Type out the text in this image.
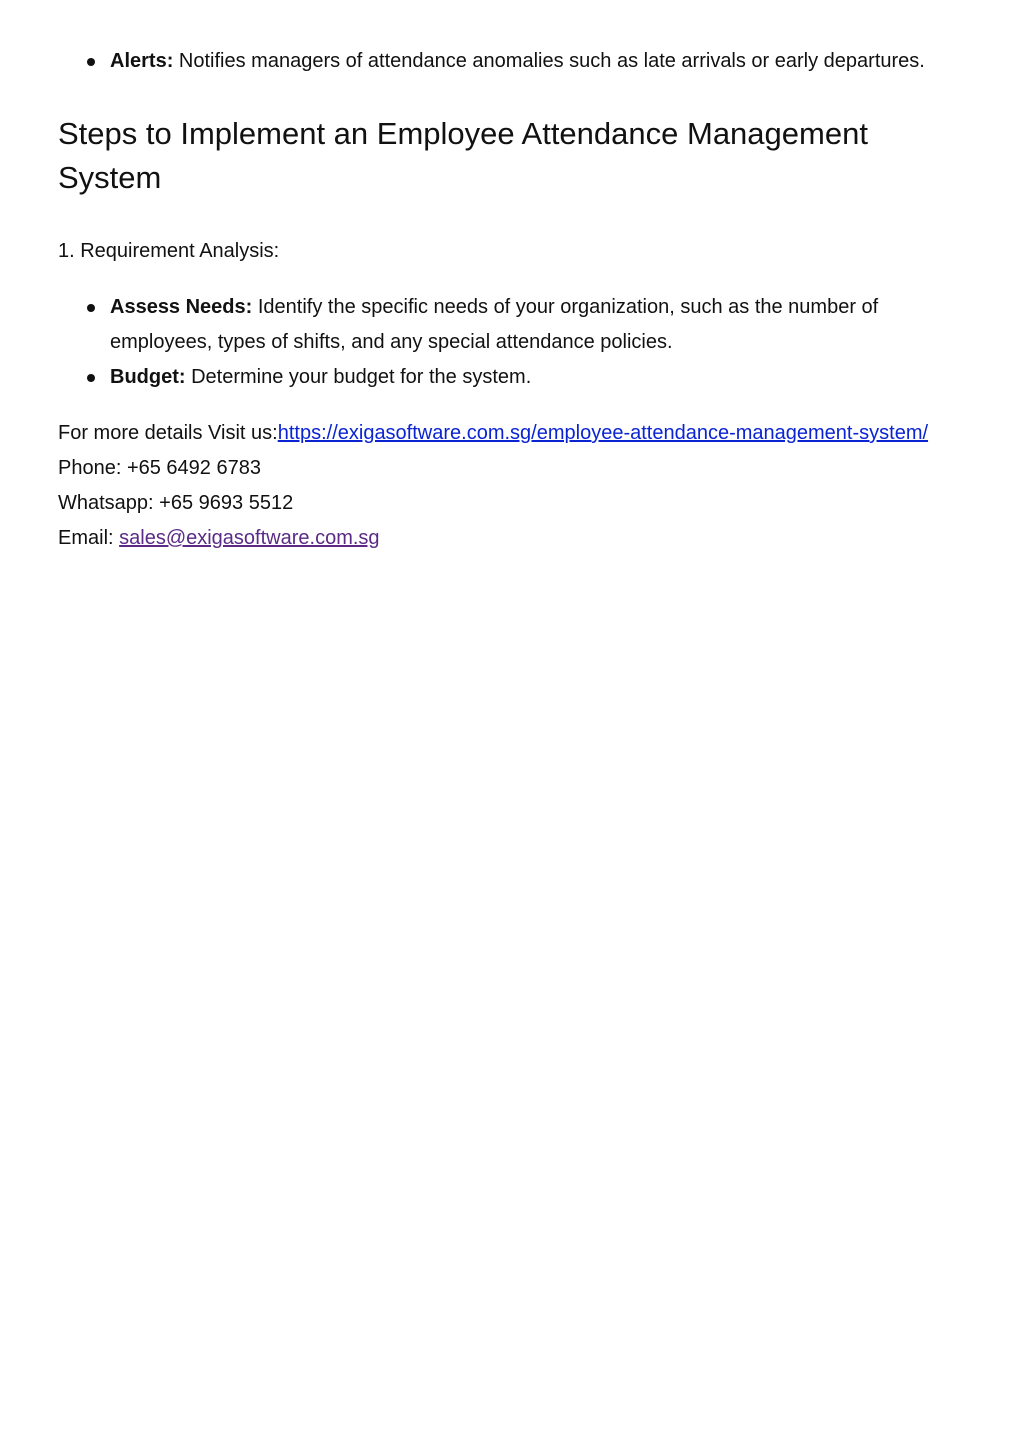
Alerts: Notifies managers of attendance anomalies such as late arrivals or early departures.
Steps to Implement an Employee Attendance Management System

1. Requirement Analysis:

Assess Needs: Identify the specific needs of your organization, such as the number of employees, types of shifts, and any special attendance policies.
Budget: Determine your budget for the system.
For more details Visit us:https://exigasoftware.com.sg/employee-attendance-management-system/
Phone: +65 6492 6783
Whatsapp: +65 9693 5512
Email: sales@exigasoftware.com.sg
